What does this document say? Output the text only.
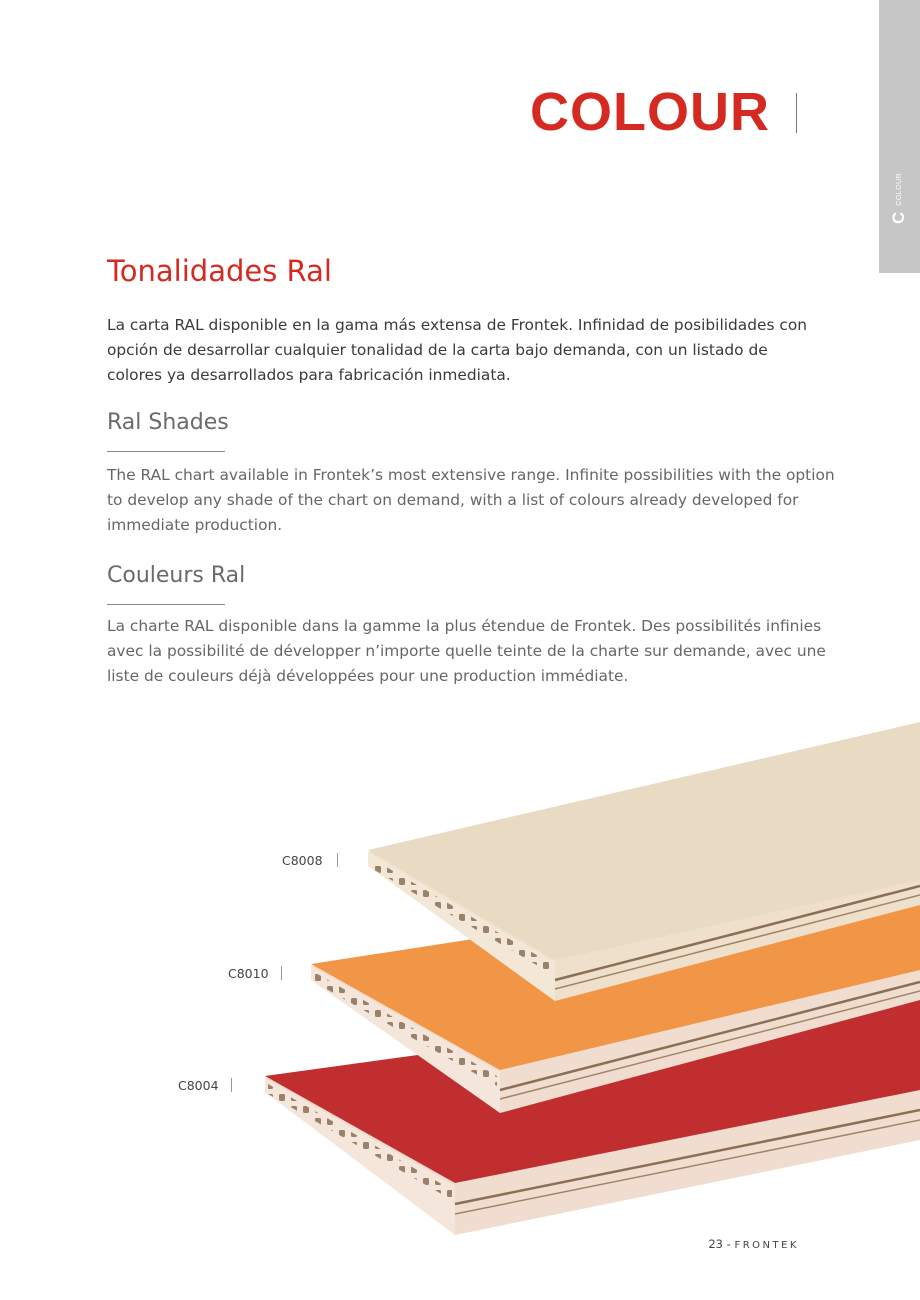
COLOUR
C
COLOUR
Tonalidades Ral

La carta RAL disponible en la gama más extensa de Frontek. Infinidad de posibilidades con opción de desarrollar cualquier tonalidad de la carta bajo demanda, con un listado de colores ya desarrollados para fabricación inmediata.

Ral Shades

The RAL chart available in Frontek’s most extensive range. Infinite possibilities with the option to develop any shade of the chart on demand, with a list of colours already developed for immediate production.

Couleurs Ral

La charte RAL disponible dans la gamme la plus étendue de Frontek. Des possibilités infinies avec la possibilité de développer n’importe quelle teinte de la charte sur demande, avec une liste de couleurs déjà développées pour une production immédiate.

C8008
C8010
C8004
23 - FRONTEK
